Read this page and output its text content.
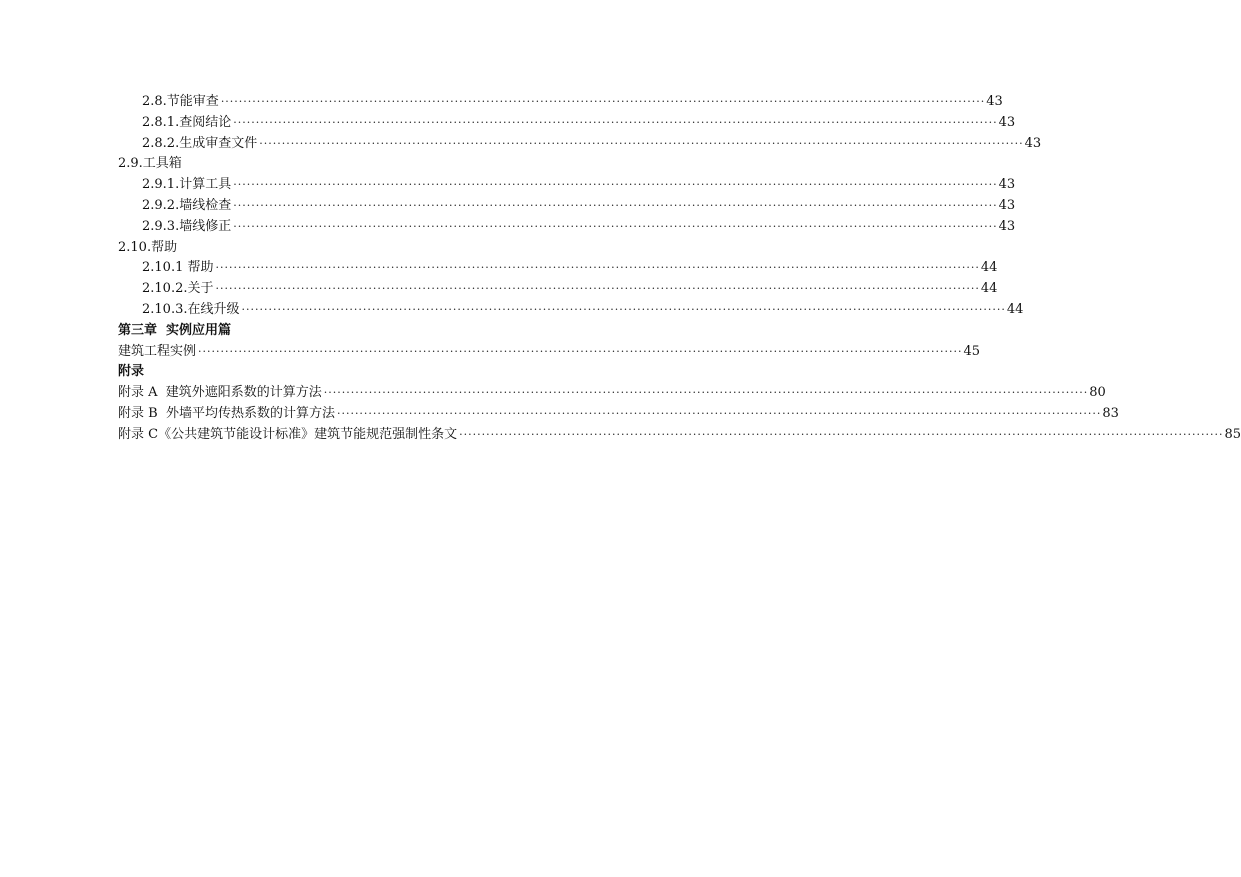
2.8.节能审查 ·········································································································································································· 43
2.8.1.查阅结论 ·········································································································································································· 43
2.8.2.生成审查文件 ·········································································································································································· 43
2.9.工具箱
2.9.1.计算工具 ·········································································································································································· 43
2.9.2.墙线检查 ·········································································································································································· 43
2.9.3.墙线修正 ·········································································································································································· 43
2.10.帮助
2.10.1 帮助 ·········································································································································································· 44
2.10.2.关于 ·········································································································································································· 44
2.10.3.在线升级 ·········································································································································································· 44
第三章  实例应用篇
建筑工程实例 ·········································································································································································· 45
附录
附录 A  建筑外遮阳系数的计算方法 ·········································································································································································· 80
附录 B  外墙平均传热系数的计算方法 ·········································································································································································· 83
附录 C《公共建筑节能设计标准》建筑节能规范强制性条文 ·········································································································································································· 85
